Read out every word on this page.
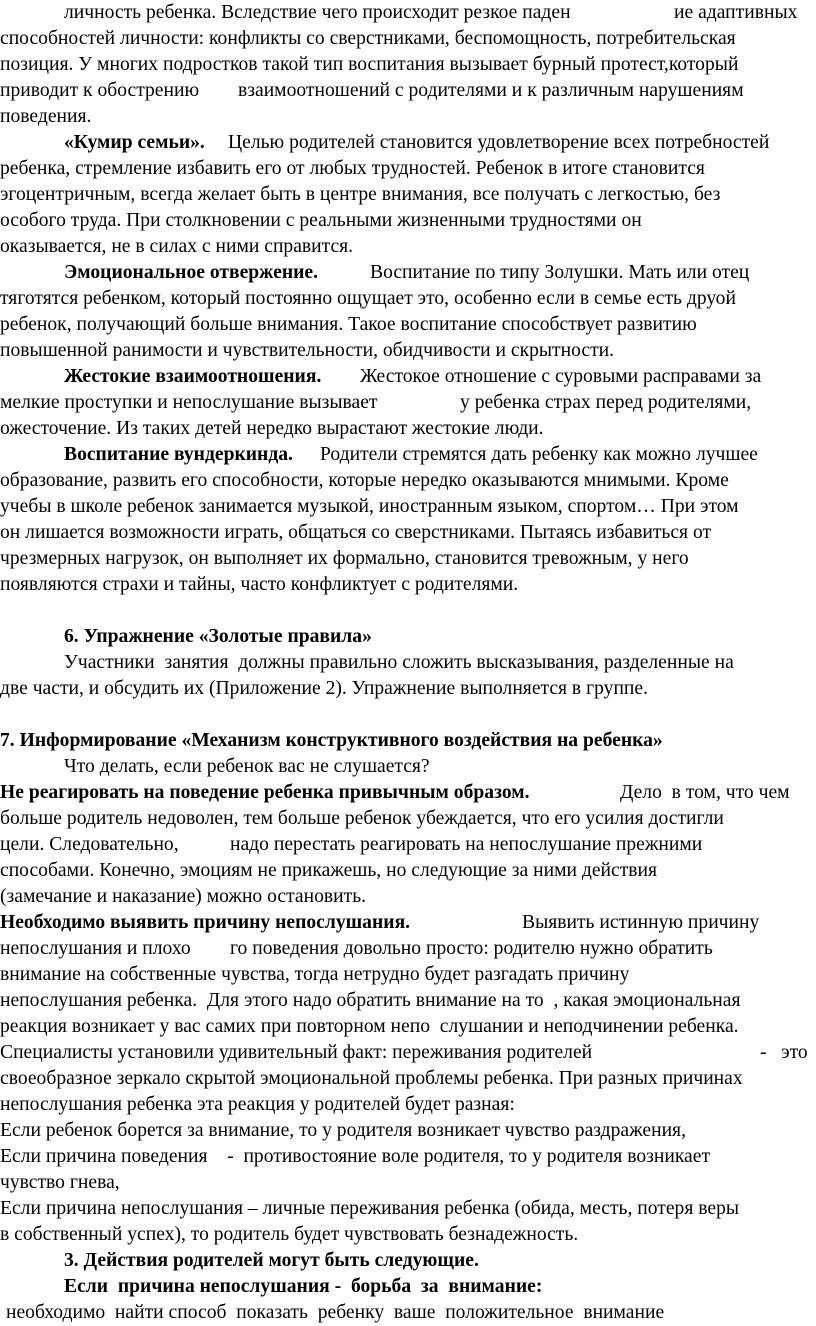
личность ребенка. Вследствие чего происходит резкое паден	ие адаптивных
способностей личности: конфликты со сверстниками, беспомощность, потребительская
позиция. У многих подростков такой тип воспитания вызывает бурный протест,который
приводит к обострению взаимоотношений с родителями и к различным нарушениям
поведения.
«Кумир семьи». Целью родителей становится удовлетворение всех потребностей
ребенка, стремление избавить его от любых трудностей. Ребенок в итоге становится
эгоцентричным, всегда желает быть в центре внимания, все получать с легкостью, без
особого труда. При столкновении с реальными жизненными трудностями он
оказывается, не в силах с ними справится.
Эмоциональное отвержение.	Воспитание по типу Золушки. Мать или отец
тяготятся ребенком, который постоянно ощущает это, особенно если в семье есть друой
ребенок, получающий больше внимания. Такое воспитание способствует развитию
повышенной ранимости и чувствительности, обидчивости и скрытности.
Жестокие взаимоотношения. Жестокое отношение с суровыми расправами за
мелкие проступки и непослушание вызывает	у ребенка страх перед родителями,
ожесточение. Из таких детей нередко вырастают жестокие люди.
Воспитание вундеркинда. Родители стремятся дать ребенку как можно лучшее
образование, развить его способности, которые нередко оказываются мнимыми. Кроме
учебы в школе ребенок занимается музыкой, иностранным языком, спортом… При этом
он лишается возможности играть, общаться со сверстниками. Пытаясь избавиться от
чрезмерных нагрузок, он выполняет их формально, становится тревожным, у него
появляются страхи и тайны, часто конфликтует с родителями.
6. Упражнение «Золотые правила»
Участники  занятия  должны правильно сложить высказывания, разделенные на
две части, и обсудить их (Приложение 2). Упражнение выполняется в группе.
7. Информирование «Механизм конструктивного воздействия на ребенка»
Что делать, если ребенок вас не слушается?
Не реагировать на поведение ребенка привычным образом.	Дело  в том, что чем
больше родитель недоволен, тем больше ребенок убеждается, что его усилия достигли
цели. Следовательно,	надо перестать реагировать на непослушание прежними
способами. Конечно, эмоциям не прикажешь, но следующие за ними действия
(замечание и наказание) можно остановить.
Необходимо выявить причину непослушания.	Выявить истинную причину
непослушания и плохо го поведения довольно просто: родителю нужно обратить
внимание на собственные чувства, тогда нетрудно будет разгадать причину
непослушания ребенка.  Для этого надо обратить внимание на то  , какая эмоциональная
реакция возникает у вас самих при повторном непо  слушании и неподчинении ребенка.
Специалисты установили удивительный факт: переживания родителей	-   это
своеобразное зеркало скрытой эмоциональной проблемы ребенка. При разных причинах
непослушания ребенка эта реакция у родителей будет разная:
Если ребенок борется за внимание, то у родителя возникает чувство раздражения,
Если причина поведения    -  противостояние воле родителя, то у родителя возникает
чувство гнева,
Если причина непослушания – личные переживания ребенка (обида, месть, потеря веры
в собственный успех), то родитель будет чувствовать безнадежность.
3. Действия родителей могут быть следующие.
Если  причина непослушания -  борьба  за  внимание:
необходимо  найти способ  показать  ребенку  ваше  положительное  внимание
